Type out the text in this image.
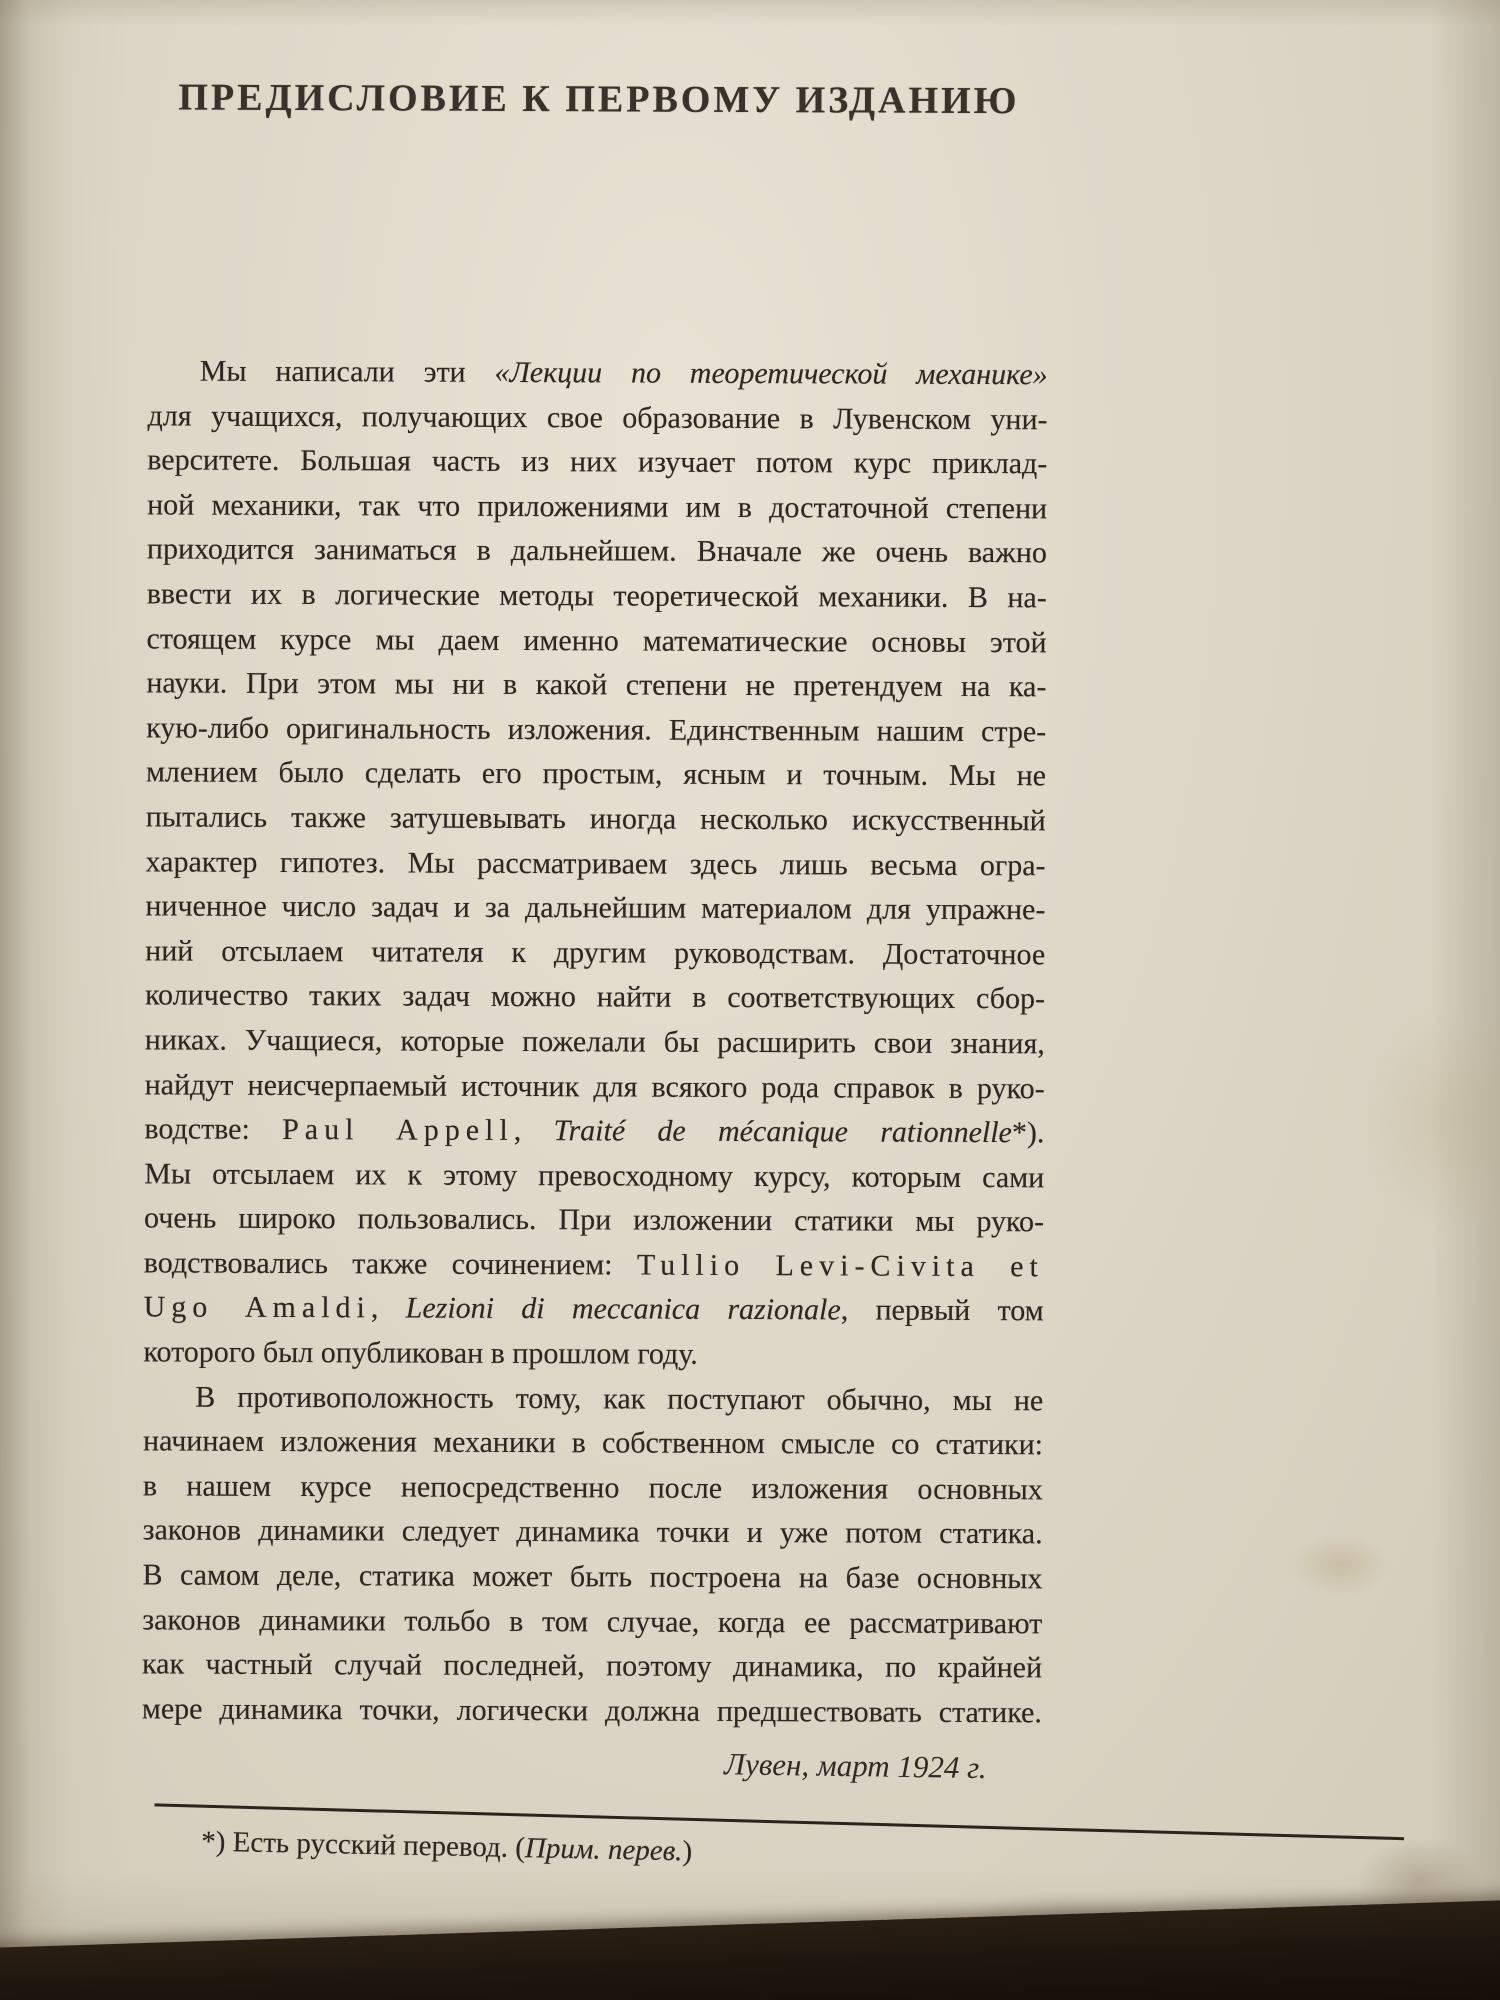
ПРЕДИСЛОВИЕ К ПЕРВОМУ ИЗДАНИЮ
Мы написали эти «Лекции по теоретической механике»
для учащихся, получающих свое образование в Лувенском уни-
верситете. Большая часть из них изучает потом курс приклад-
ной механики, так что приложениями им в достаточной степени
приходится заниматься в дальнейшем. Вначале же очень важно
ввести их в логические методы теоретической механики. В на-
стоящем курсе мы даем именно математические основы этой
науки. При этом мы ни в какой степени не претендуем на ка-
кую-либо оригинальность изложения. Единственным нашим стре-
млением было сделать его простым, ясным и точным. Мы не
пытались также затушевывать иногда несколько искусственный
характер гипотез. Мы рассматриваем здесь лишь весьма огра-
ниченное число задач и за дальнейшим материалом для упражне-
ний отсылаем читателя к другим руководствам. Достаточное
количество таких задач можно найти в соответствующих сбор-
никах. Учащиеся, которые пожелали бы расширить свои знания,
найдут неисчерпаемый источник для всякого рода справок в руко-
водстве: Paul Appell, Traité de mécanique rationnelle*).
Мы отсылаем их к этому превосходному курсу, которым сами
очень широко пользовались. При изложении статики мы руко-
водствовались также сочинением: Tullio Levi-Civita et
Ugo Amaldi, Lezioni di meccanica razionale, первый том
которого был опубликован в прошлом году.
В противоположность тому, как поступают обычно, мы не
начинаем изложения механики в собственном смысле со статики:
в нашем курсе непосредственно после изложения основных
законов динамики следует динамика точки и уже потом статика.
В самом деле, статика может быть построена на базе основных
законов динамики тольбо в том случае, когда ее рассматривают
как частный случай последней, поэтому динамика, по крайней
мере динамика точки, логически должна предшествовать статике.
Лувен, март 1924 г.
*) Есть русский перевод. (Прим. перев.)
